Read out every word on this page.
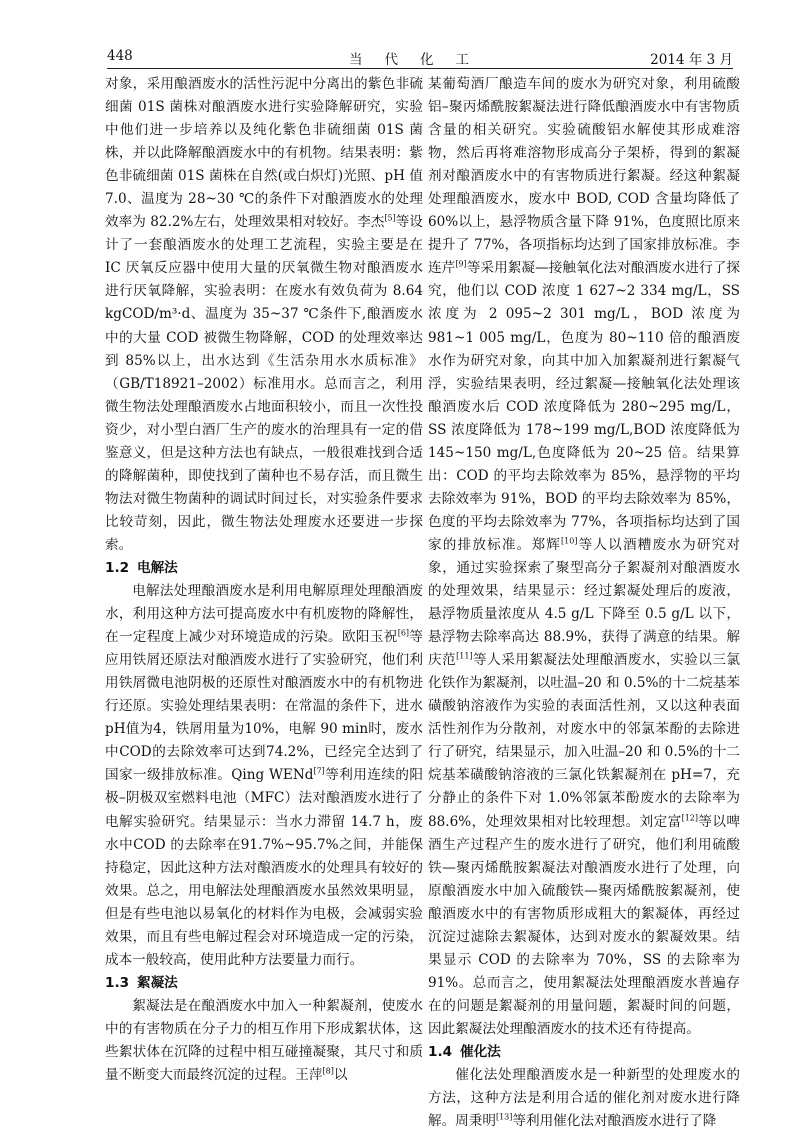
448	当代化工	2014 年 3 月

对象，采用酿酒废水的活性污泥中分离出的紫色非硫细菌 01S 菌株对酿酒废水进行实验降解研究，实验中他们进一步培养以及纯化紫色非硫细菌 01S 菌株，并以此降解酿酒废水中的有机物。结果表明：紫色非硫细菌 01S 菌株在自然(或白炽灯)光照、pH 值 7.0、温度为 28~30 ℃的条件下对酿酒废水的处理效率为 82.2%左右，处理效果相对较好。李杰[5]等设计了一套酿酒废水的处理工艺流程，实验主要是在 IC 厌氧反应器中使用大量的厌氧微生物对酿酒废水进行厌氧降解，实验表明：在废水有效负荷为 8.64 kgCOD/m³·d、温度为 35~37 ℃条件下,酿酒废水中的大量 COD 被微生物降解，COD 的处理效率达到 85%以上，出水达到《生活杂用水水质标准》（GB/T18921–2002）标准用水。总而言之，利用微生物法处理酿酒废水占地面积较小，而且一次性投资少，对小型白酒厂生产的废水的治理具有一定的借鉴意义，但是这种方法也有缺点，一般很难找到合适的降解菌种，即使找到了菌种也不易存活，而且微生物法对微生物菌种的调试时间过长，对实验条件要求比较苛刻，因此，微生物法处理废水还要进一步探索。

1.2 电解法

电解法处理酿酒废水是利用电解原理处理酿酒废水，利用这种方法可提高废水中有机废物的降解性，在一定程度上减少对环境造成的污染。欧阳玉祝[6]等应用铁屑还原法对酿酒废水进行了实验研究，他们利用铁屑微电池阴极的还原性对酿酒废水中的有机物进行还原。实验处理结果表明：在常温的条件下，进水pH值为4，铁屑用量为10%，电解 90 min时，废水中COD的去除效率可达到74.2%，已经完全达到了国家一级排放标准。Qing WENd[7]等利用连续的阳极–阴极双室燃料电池（MFC）法对酿酒废水进行了电解实验研究。结果显示：当水力滞留 14.7 h，废水中COD 的去除率在91.7%~95.7%之间，并能保持稳定，因此这种方法对酿酒废水的处理具有较好的效果。总之，用电解法处理酿酒废水虽然效果明显，但是有些电池以易氧化的材料作为电极，会减弱实验效果，而且有些电解过程会对环境造成一定的污染，成本一般较高，使用此种方法要量力而行。

1.3 絮凝法

絮凝法是在酿酒废水中加入一种絮凝剂，使废水中的有害物质在分子力的相互作用下形成絮状体，这些絮状体在沉降的过程中相互碰撞凝聚，其尺寸和质量不断变大而最终沉淀的过程。王萍[8]以

某葡萄酒厂酿造车间的废水为研究对象，利用硫酸铝–聚丙烯酰胺絮凝法进行降低酿酒废水中有害物质含量的相关研究。实验硫酸铝水解使其形成难溶物，然后再将难溶物形成高分子架桥，得到的絮凝剂对酿酒废水中的有害物质进行絮凝。经这种絮凝处理酿酒废水，废水中 BOD, COD 含量均降低了 60%以上，悬浮物质含量下降 91%，色度照比原来提升了 77%，各项指标均达到了国家排放标准。李连芹[9]等采用絮凝—接触氧化法对酿酒废水进行了探究，他们以 COD 浓度 1 627~2 334 mg/L，SS 浓度为 2 095~2 301 mg/L，BOD 浓度为 981~1 005 mg/L，色度为 80~110 倍的酿酒废水作为研究对象，向其中加入加絮凝剂进行絮凝气浮，实验结果表明，经过絮凝—接触氧化法处理该酿酒废水后 COD 浓度降低为 280~295 mg/L，SS 浓度降低为 178~199 mg/L,BOD 浓度降低为 145~150 mg/L,色度降低为 20~25 倍。结果算出：COD 的平均去除效率为 85%，悬浮物的平均去除效率为 91%，BOD 的平均去除效率为 85%，色度的平均去除效率为 77%，各项指标均达到了国家的排放标准。郑辉[10]等人以酒糟废水为研究对象，通过实验探索了聚型高分子絮凝剂对酿酒废水的处理效果，结果显示：经过絮凝处理后的废液，悬浮物质量浓度从 4.5 g/L 下降至 0.5 g/L 以下，悬浮物去除率高达 88.9%，获得了满意的结果。解庆范[11]等人采用絮凝法处理酿酒废水，实验以三氯化铁作为絮凝剂，以吐温–20 和 0.5%的十二烷基苯磺酸钠溶液作为实验的表面活性剂，又以这种表面活性剂作为分散剂，对废水中的邻氯苯酚的去除进行了研究，结果显示，加入吐温–20 和 0.5%的十二烷基苯磺酸钠溶液的三氯化铁絮凝剂在 pH=7，充分静止的条件下对 1.0%邻氯苯酚废水的去除率为 88.6%，处理效果相对比较理想。刘定富[12]等以啤酒生产过程产生的废水进行了研究，他们利用硫酸铁—聚丙烯酰胺絮凝法对酿酒废水进行了处理，向原酿酒废水中加入硫酸铁—聚丙烯酰胺絮凝剂，使酿酒废水中的有害物质形成粗大的絮凝体，再经过沉淀过滤除去絮凝体，达到对废水的絮凝效果。结果显示 COD 的去除率为 70%，SS 的去除率为 91%。总而言之，使用絮凝法处理酿酒废水普遍存在的问题是絮凝剂的用量问题，絮凝时间的问题，因此絮凝法处理酿酒废水的技术还有待提高。

1.4 催化法

催化法处理酿酒废水是一种新型的处理废水的方法，这种方法是利用合适的催化剂对废水进行降解。周秉明[13]等利用催化法对酿酒废水进行了降
